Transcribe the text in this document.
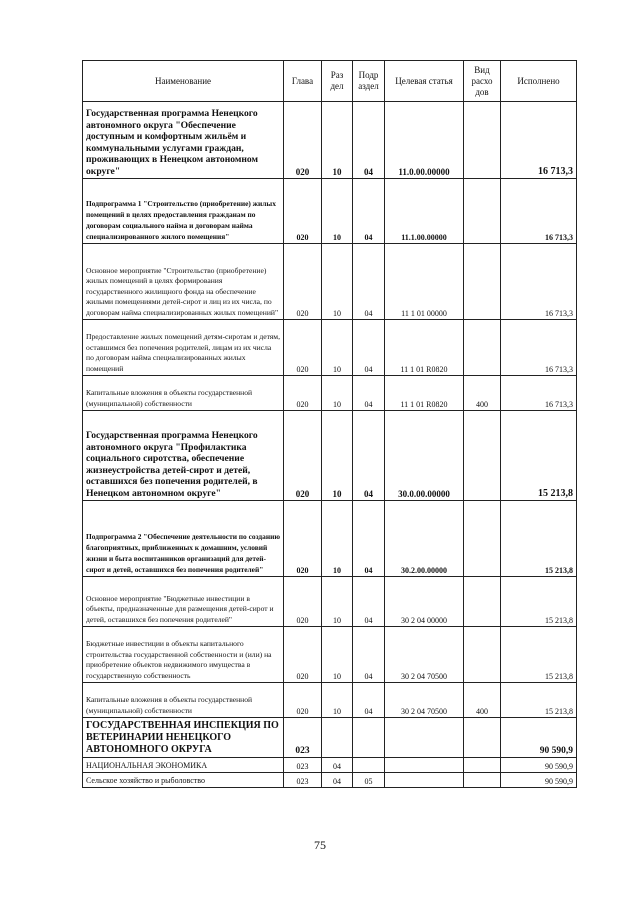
Наименование	Глава	Раз дел	Подр аздел	Целевая статья	Вид расхо дов	Исполнено
Государственная программа Ненецкого автономного округа "Обеспечение доступным и комфортным жильём и коммунальными услугами граждан, проживающих в Ненецком автономном округе"	020	10	04	11.0.00.00000		16 713,3
Подпрограмма 1 "Строительство (приобретение) жилых помещений в целях предоставления гражданам по договорам социального найма и договорам найма специализированного жилого помещения"	020	10	04	11.1.00.00000		16 713,3
Основное мероприятие "Строительство (приобретение) жилых помещений в целях формирования государственного жилищного фонда на обеспечение жилыми помещениями детей-сирот и лиц из их числа, по договорам найма специализированных жилых помещений"	020	10	04	11 1 01 00000		16 713,3
Предоставление жилых помещений детям-сиротам и детям, оставшимся без попечения родителей, лицам из их числа по договорам найма специализированных жилых помещений	020	10	04	11 1 01 R0820		16 713,3
Капитальные вложения в объекты государственной (муниципальной) собственности	020	10	04	11 1 01 R0820	400	16 713,3
Государственная программа Ненецкого автономного округа "Профилактика социального сиротства, обеспечение жизнеустройства детей-сирот и детей, оставшихся без попечения родителей, в Ненецком автономном округе"	020	10	04	30.0.00.00000		15 213,8
Подпрограмма 2 "Обеспечение деятельности по созданию благоприятных, приближенных к домашним, условий жизни и быта воспитанников организаций для детей-сирот и детей, оставшихся без попечения родителей"	020	10	04	30.2.00.00000		15 213,8
Основное мероприятие "Бюджетные инвестиции в объекты, предназначенные для размещения детей-сирот и детей, оставшихся без попечения родителей"	020	10	04	30 2 04 00000		15 213,8
Бюджетные инвестиции в объекты капитального строительства государственной собственности и (или) на приобретение объектов недвижимого имущества в государственную собственность	020	10	04	30 2 04 70500		15 213,8
Капитальные вложения в объекты государственной (муниципальной) собственности	020	10	04	30 2 04 70500	400	15 213,8
ГОСУДАРСТВЕННАЯ ИНСПЕКЦИЯ ПО ВЕТЕРИНАРИИ НЕНЕЦКОГО АВТОНОМНОГО ОКРУГА	023					90 590,9
НАЦИОНАЛЬНАЯ ЭКОНОМИКА	023	04				90 590,9
Сельское хозяйство и рыболовство	023	04	05			90 590,9
75
